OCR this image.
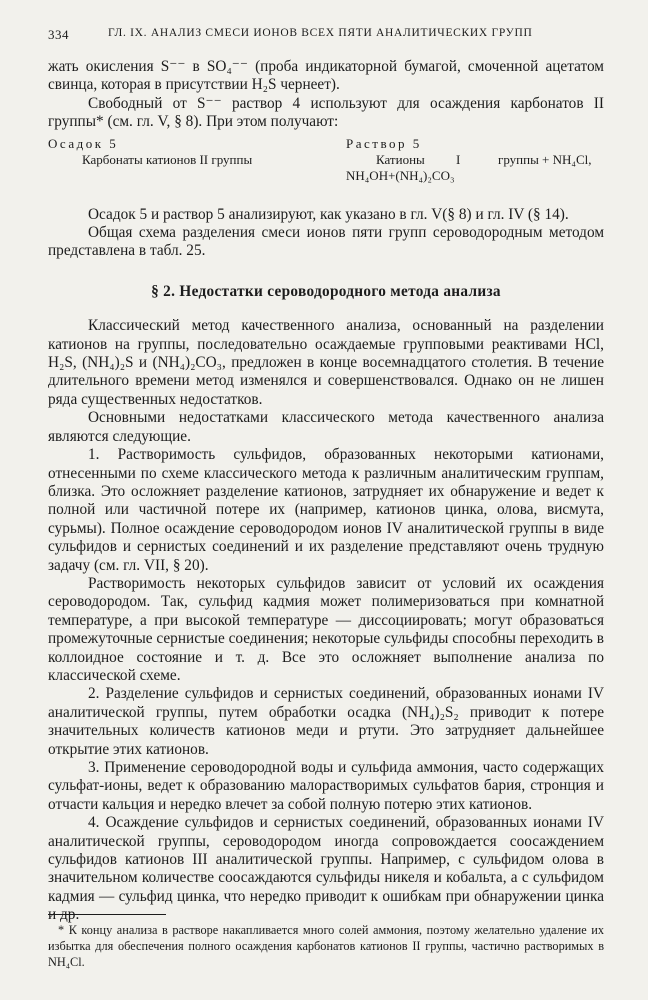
334	ГЛ. IX. АНАЛИЗ СМЕСИ ИОНОВ ВСЕХ ПЯТИ АНАЛИТИЧЕСКИХ ГРУПП

жать окисления S⁻⁻ в SO₄⁻⁻ (проба индикаторной бумагой, смоченной ацетатом свинца, которая в присутствии H₂S чернеет).

Свободный от S⁻⁻ раствор 4 используют для осаждения карбонатов II группы* (см. гл. V, § 8). При этом получают:

Осадок 5
Карбонаты катионов II группы
Раствор 5
Катионы I	группы + NH₄Cl,
NH₄OH+(NH₄)₂CO₃

Осадок 5 и раствор 5 анализируют, как указано в гл. V(§ 8) и гл. IV (§ 14).

Общая схема разделения смеси ионов пяти групп сероводородным методом представлена в табл. 25.

§ 2. Недостатки сероводородного метода анализа

Классический метод качественного анализа, основанный на разделении катионов на группы, последовательно осаждаемые групповыми реактивами HCl, H₂S, (NH₄)₂S и (NH₄)₂CO₃, предложен в конце восемнадцатого столетия. В течение длительного времени метод изменялся и совершенствовался. Однако он не лишен ряда существенных недостатков.

Основными недостатками классического метода качественного анализа являются следующие.

1. Растворимость сульфидов, образованных некоторыми катионами, отнесенными по схеме классического метода к различным аналитическим группам, близка. Это осложняет разделение катионов, затрудняет их обнаружение и ведет к полной или частичной потере их (например, катионов цинка, олова, висмута, сурьмы). Полное осаждение сероводородом ионов IV аналитической группы в виде сульфидов и сернистых соединений и их разделение представляют очень трудную задачу (см. гл. VII, § 20).

Растворимость некоторых сульфидов зависит от условий их осаждения сероводородом. Так, сульфид кадмия может полимеризоваться при комнатной температуре, а при высокой температуре — диссоциировать; могут образоваться промежуточные сернистые соединения; некоторые сульфиды способны переходить в коллоидное состояние и т. д. Все это осложняет выполнение анализа по классической схеме.

2. Разделение сульфидов и сернистых соединений, образованных ионами IV аналитической группы, путем обработки осадка (NH₄)₂S₂ приводит к потере значительных количеств катионов меди и ртути. Это затрудняет дальнейшее открытие этих катионов.

3. Применение сероводородной воды и сульфида аммония, часто содержащих сульфат-ионы, ведет к образованию малорастворимых сульфатов бария, стронция и отчасти кальция и нередко влечет за собой полную потерю этих катионов.

4. Осаждение сульфидов и сернистых соединений, образованных ионами IV аналитической группы, сероводородом иногда сопровождается соосаждением сульфидов катионов III аналитической группы. Например, с сульфидом олова в значительном количестве соосаждаются сульфиды никеля и кобальта, а с сульфидом кадмия — сульфид цинка, что нередко приводит к ошибкам при обнаружении цинка и др.

* К концу анализа в растворе накапливается много солей аммония, поэтому желательно удаление их избытка для обеспечения полного осаждения карбонатов катионов II группы, частично растворимых в NH₄Cl.
